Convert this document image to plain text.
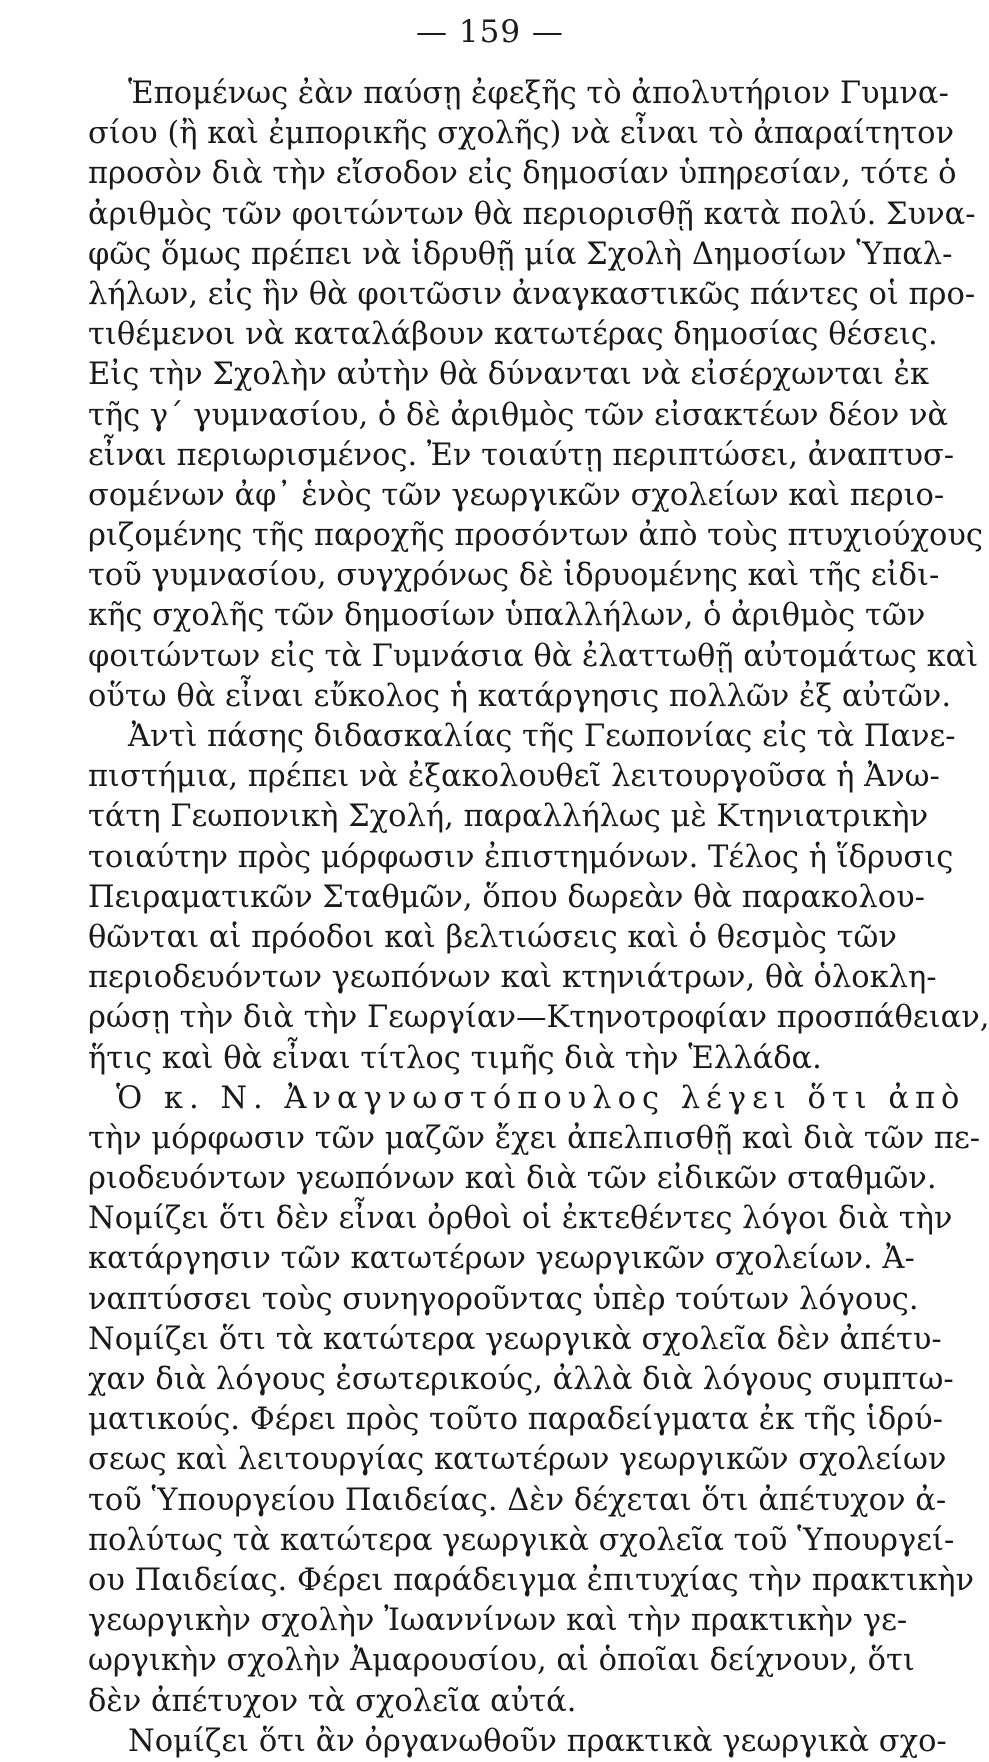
— 159 —
Ἑπομένως ἐὰν παύσῃ ἐφεξῆς τὸ ἀπολυτήριον Γυμνα-
σίου (ἢ καὶ ἐμπορικῆς σχολῆς) νὰ εἶναι τὸ ἀπαραίτητον
προσὸν διὰ τὴν εἴσοδον εἰς δημοσίαν ὑπηρεσίαν, τότε ὁ
ἀριθμὸς τῶν φοιτώντων θὰ περιορισθῇ κατὰ πολύ. Συνα-
φῶς ὅμως πρέπει νὰ ἱδρυθῇ μία Σχολὴ Δημοσίων Ὑπαλ-
λήλων, εἰς ἣν θὰ φοιτῶσιν ἀναγκαστικῶς πάντες οἱ προ-
τιθέμενοι νὰ καταλάβουν κατωτέρας δημοσίας θέσεις.
Εἰς τὴν Σχολὴν αὐτὴν θὰ δύνανται νὰ εἰσέρχωνται ἐκ
τῆς γ΄ γυμνασίου, ὁ δὲ ἀριθμὸς τῶν εἰσακτέων δέον νὰ
εἶναι περιωρισμένος. Ἐν τοιαύτῃ περιπτώσει, ἀναπτυσ-
σομένων ἀφ᾽ ἑνὸς τῶν γεωργικῶν σχολείων καὶ περιο-
ριζομένης τῆς παροχῆς προσόντων ἀπὸ τοὺς πτυχιούχους
τοῦ γυμνασίου, συγχρόνως δὲ ἱδρυομένης καὶ τῆς εἰδι-
κῆς σχολῆς τῶν δημοσίων ὑπαλλήλων, ὁ ἀριθμὸς τῶν
φοιτώντων εἰς τὰ Γυμνάσια θὰ ἐλαττωθῇ αὐτομάτως καὶ
οὕτω θὰ εἶναι εὔκολος ἡ κατάργησις πολλῶν ἐξ αὐτῶν.
Ἀντὶ πάσης διδασκαλίας τῆς Γεωπονίας εἰς τὰ Πανε-
πιστήμια, πρέπει νὰ ἐξακολουθεῖ λειτουργοῦσα ἡ Ἀνω-
τάτη Γεωπονικὴ Σχολή, παραλλήλως μὲ Κτηνιατρικὴν
τοιαύτην πρὸς μόρφωσιν ἐπιστημόνων. Τέλος ἡ ἵδρυσις
Πειραματικῶν Σταθμῶν, ὅπου δωρεὰν θὰ παρακολου-
θῶνται αἱ πρόοδοι καὶ βελτιώσεις καὶ ὁ θεσμὸς τῶν
περιοδευόντων γεωπόνων καὶ κτηνιάτρων, θὰ ὁλοκλη-
ρώσῃ τὴν διὰ τὴν Γεωργίαν—Κτηνοτροφίαν προσπάθειαν,
ἥτις καὶ θὰ εἶναι τίτλος τιμῆς διὰ τὴν Ἑλλάδα.
Ὁ κ. Ν. Ἀναγνωστόπουλος λέγει ὅτι ἀπὸ
τὴν μόρφωσιν τῶν μαζῶν ἔχει ἀπελπισθῇ καὶ διὰ τῶν πε-
ριοδευόντων γεωπόνων καὶ διὰ τῶν εἰδικῶν σταθμῶν.
Νομίζει ὅτι δὲν εἶναι ὀρθοὶ οἱ ἐκτεθέντες λόγοι διὰ τὴν
κατάργησιν τῶν κατωτέρων γεωργικῶν σχολείων. Ἀ-
ναπτύσσει τοὺς συνηγοροῦντας ὑπὲρ τούτων λόγους.
Νομίζει ὅτι τὰ κατώτερα γεωργικὰ σχολεῖα δὲν ἀπέτυ-
χαν διὰ λόγους ἐσωτερικούς, ἀλλὰ διὰ λόγους συμπτω-
ματικούς. Φέρει πρὸς τοῦτο παραδείγματα ἐκ τῆς ἱδρύ-
σεως καὶ λειτουργίας κατωτέρων γεωργικῶν σχολείων
τοῦ Ὑπουργείου Παιδείας. Δὲν δέχεται ὅτι ἀπέτυχον ἀ-
πολύτως τὰ κατώτερα γεωργικὰ σχολεῖα τοῦ Ὑπουργεί-
ου Παιδείας. Φέρει παράδειγμα ἐπιτυχίας τὴν πρακτικὴν
γεωργικὴν σχολὴν Ἰωαννίνων καὶ τὴν πρακτικὴν γε-
ωργικὴν σχολὴν Ἀμαρουσίου, αἱ ὁποῖαι δείχνουν, ὅτι
δὲν ἀπέτυχον τὰ σχολεῖα αὐτά.
Νομίζει ὅτι ἂν ὀργανωθοῦν πρακτικὰ γεωργικὰ σχο-
